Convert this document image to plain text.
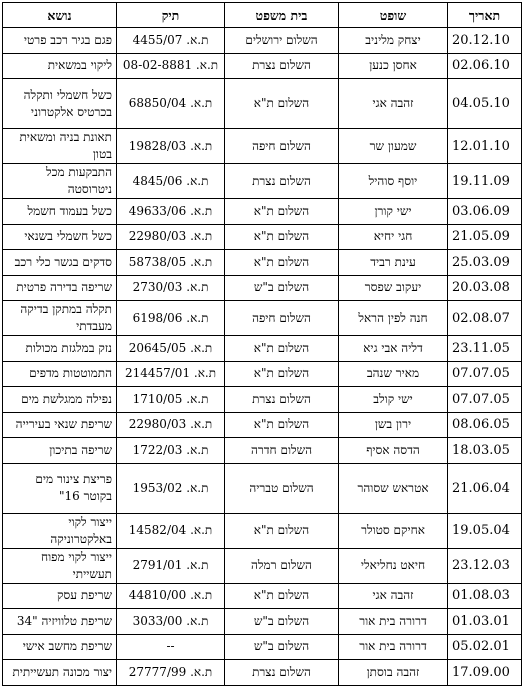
תאריך	שופט	בית משפט	תיק	נושא
20.12.10	יצחק מליניב	השלום ירושלים	ת.א. 4455/07	פגם בגיר רכב פרטי
02.06.10	אחסן כנען	השלום נצרת	ת.א. 08-02-8881	ליקוי במשאית
04.05.10	זהבה אגי	השלום ת"א	ת.א. 68850/04	כשל חשמלי ותקלה בכרטיס אלקטרוני
12.01.10	שמעון שר	השלום חיפה	ת.א. 19828/03	תאונת בניה ומשאית בטון
19.11.09	יוסף סוהיל	השלום נצרת	ת.א. 4845/06	התבקעות מכל ניטרוסטה
03.06.09	ישי קורן	השלום ת"א	ת.א. 49633/06	כשל בעמוד חשמל
21.05.09	חגי יחיא	השלום ת"א	ת.א. 22980/03	כשל חשמלי בשנאי
25.03.09	עינת רביד	השלום ת"א	ת.א. 58738/05	סדקים בגשר כלי רכב
20.03.08	יעקוב שפסר	השלום ב"ש	ת.א. 2730/03	שריפה בדירה פרטית
02.08.07	חנה לפין הראל	השלום חיפה	ת.א. 6198/06	תקלה במתקן בדיקה מעבדתי
23.11.05	דליה אבי גיא	השלום ת"א	ת.א. 20645/05	נזק במלגזת מכולות
07.07.05	מאיר שנהב	השלום ת"א	ת.א. 214457/01	התמוטטות מדפים
07.07.05	ישי קולב	השלום נצרת	ת.א. 1710/05	נפילה ממגלשת מים
08.06.05	ירון בשן	השלום ת"א	ת.א. 22980/03	שריפת שנאי בעירייה
18.03.05	הדסה אסיף	השלום חדרה	ת.א. 1722/03	שריפה בתיכון
21.06.04	אטראש שסוהר	השלום טבריה	ת.א. 1953/02	פריצת צינור מים בקוטר 16"
19.05.04	אחיקם סטולר	השלום ת"א	ת.א. 14582/04	ייצור לקוי באלקטרוניקה
23.12.03	חיאט נחליאלי	השלום רמלה	ת.א. 2791/01	ייצור לקוי מפוח תעשייתי
01.08.03	זהבה אגי	השלום ת"א	ת.א. 44810/00	שריפת עסק
01.03.01	דרורה בית אור	השלום ב"ש	ת.א. 3033/00	שריפת טלוויזיה "34
05.02.01	דרורה בית אור	השלום ב"ש	--	שריפת מחשב אישי
17.09.00	זהבה בוסתן	השלום נצרת	ת.א. 27777/99	יצור מכונה תעשייתית
